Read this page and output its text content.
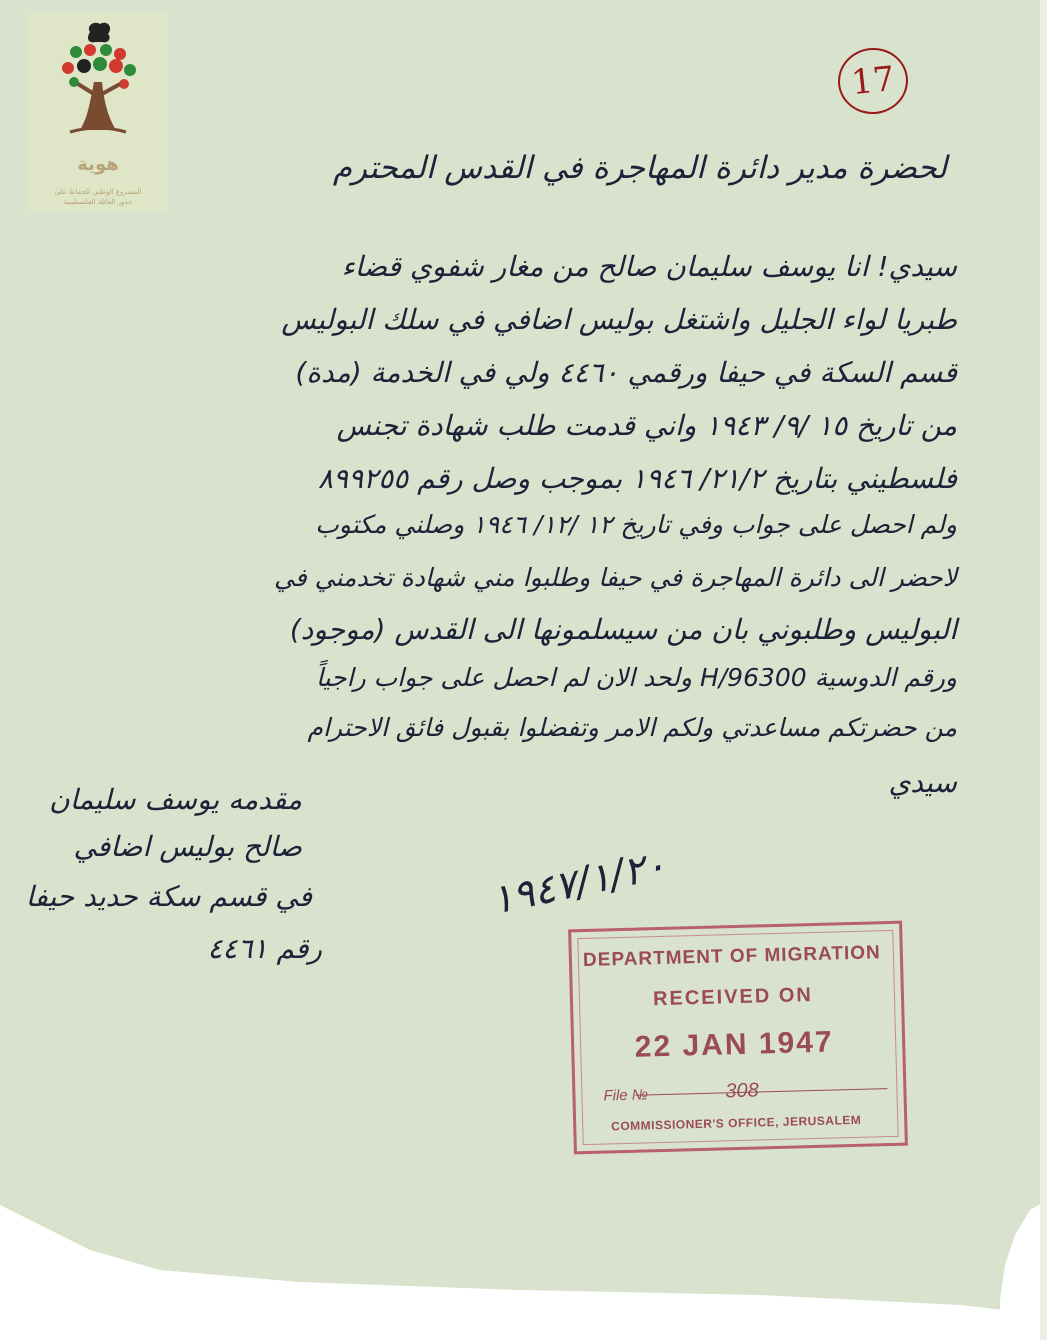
هوية
المشروع الوطني للحفاظ على
جذور العائلة الفلسطينية
17
لحضرة مدير دائرة المهاجرة في القدس المحترم
سيدي! انا يوسف سليمان صالح من مغار شفوي قضاء
طبريا لواء الجليل واشتغل بوليس اضافي في سلك البوليس
قسم السكة في حيفا ورقمي ٤٤٦٠ ولي في الخدمة (مدة)
من تاريخ ١٥ /٩/ ١٩٤٣ واني قدمت طلب شهادة تجنس
فلسطيني بتاريخ ٢١/٢/ ١٩٤٦ بموجب وصل رقم ٨٩٩٢٥٥
ولم احصل على جواب وفي تاريخ ١٢ /١٢/ ١٩٤٦ وصلني مكتوب
لاحضر الى دائرة المهاجرة في حيفا وطلبوا مني شهادة تخدمني في
البوليس وطلبوني بان من سيسلمونها الى القدس (موجود)
ورقم الدوسية H/96300 ولحد الان لم احصل على جواب راجياً
من حضرتكم مساعدتي ولكم الامر وتفضلوا بقبول فائق الاحترام
سيدي
مقدمه يوسف سليمان
صالح بوليس اضافي
في قسم سكة حديد حيفا
رقم ٤٤٦١
١٩٤٧/١/٢٠
DEPARTMENT OF MIGRATION
RECEIVED ON
22 JAN 1947
File №	308
COMMISSIONER'S OFFICE, JERUSALEM
